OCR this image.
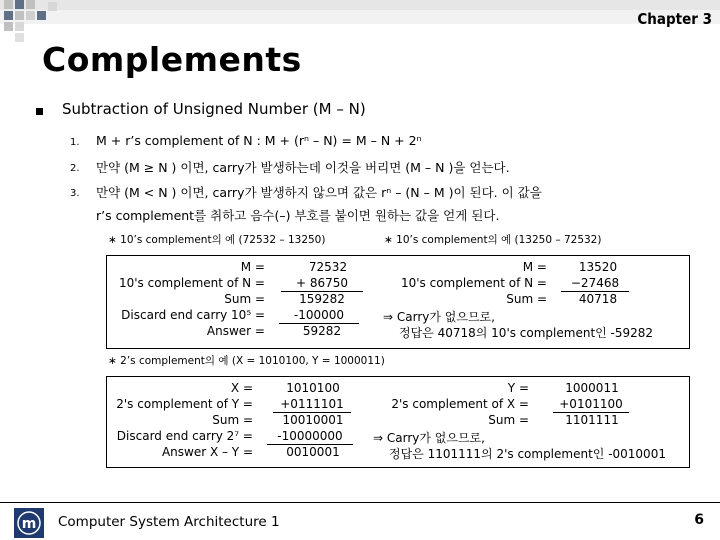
Chapter 3
Complements
Subtraction of Unsigned Number (M – N)
1. M + r’s complement of N : M + (rⁿ – N) = M – N + 2ⁿ
2. 만약 (M ≥ N ) 이면, carry가 발생하는데 이것을 버리면 (M – N )을 얻는다.
3. 만약 (M < N ) 이면, carry가 발생하지 않으며 값은 rⁿ – (N – M )이 된다. 이 값을
r’s complement를 취하고 음수(–) 부호를 붙이면 원하는 값을 얻게 된다.
∗ 10’s complement의 예 (72532 – 13250)	∗ 10’s complement의 예 (13250 – 72532)
M =
10's complement of N =
Sum =
Discard end carry 10⁵ =
Answer =
72532
+ 86750
159282
-100000
59282
M =
10's complement of N =
Sum =
13520
−27468
40718
⇒ Carry가 없으므로,
정답은 40718의 10's complement인 -59282
∗ 2’s complement의 예 (X = 1010100, Y = 1000011)
X =
2's complement of Y =
Sum =
Discard end carry 2⁷ =
Answer X – Y =
1010100
+0111101
10010001
-10000000
0010001
Y =
2's complement of X =
Sum =
1000011
+0101100
1101111
⇒ Carry가 없으므로,
정답은 1101111의 2's complement인 -0010001
m Computer System Architecture 1	6
